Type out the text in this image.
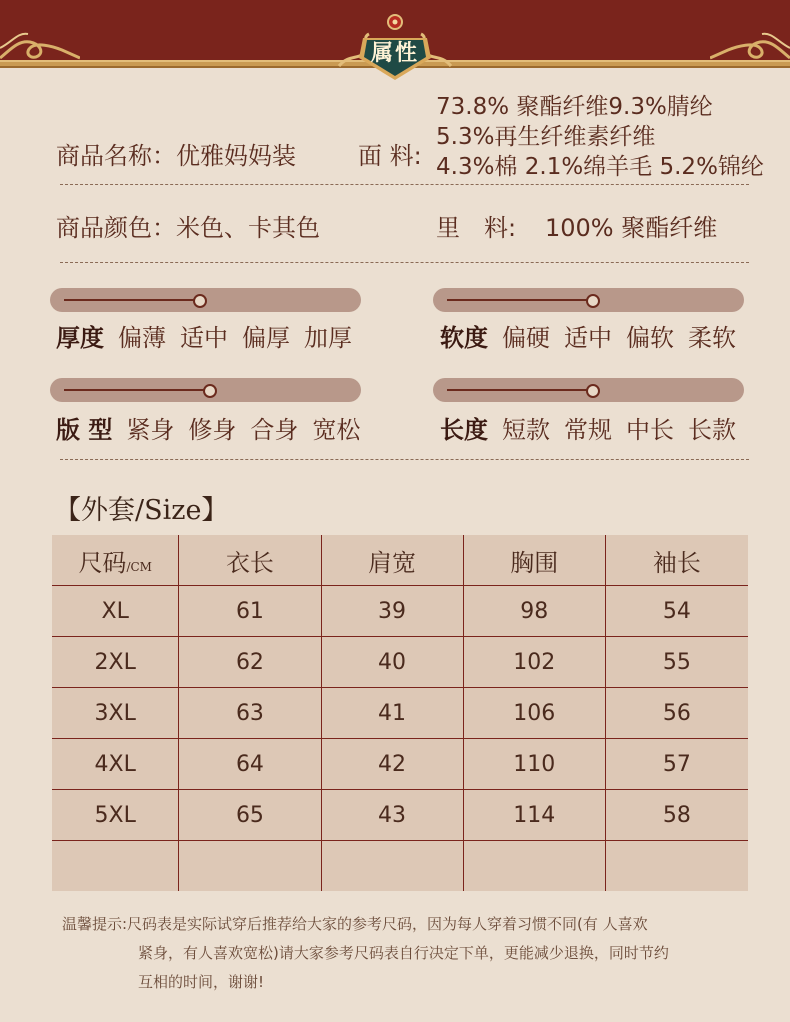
属性
商品名称：优雅妈妈装	面 料:
73.8% 聚酯纤维9.3%腈纶
5.3%再生纤维素纤维
4.3%棉 2.1%绵羊毛 5.2%锦纶
商品颜色：米色、卡其色	里　料: 100% 聚酯纤维
厚度 偏薄 适中 偏厚 加厚	软度 偏硬 适中 偏软 柔软
版 型 紧身 修身 合身 宽松	长度 短款 常规 中长 长款
【外套/Size】
尺码/CM	衣长	肩宽	胸围	袖长
XL	61	39	98	54
2XL	62	40	102	55
3XL	63	41	106	56
4XL	64	42	110	57
5XL	65	43	114	58

温馨提示:尺码表是实际试穿后推荐给大家的参考尺码，因为每人穿着习惯不同(有 人喜欢
紧身，有人喜欢宽松)请大家参考尺码表自行决定下单，更能减少退换，同时节约
互相的时间，谢谢!
